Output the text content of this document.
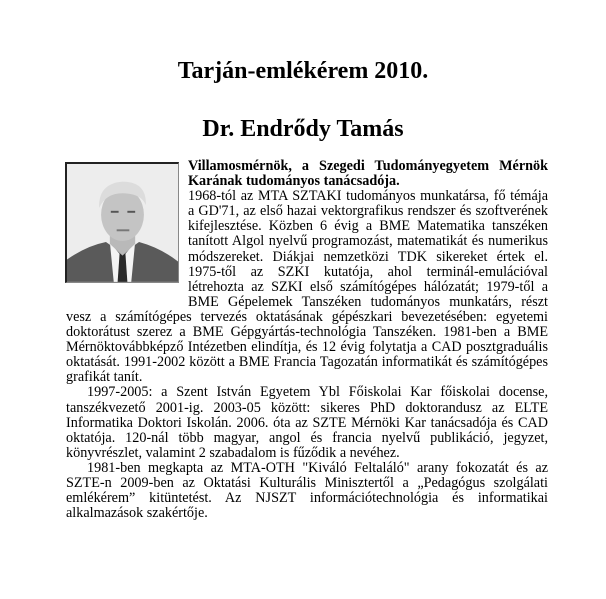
Tarján-emlékérem 2010.
Dr. Endrődy Tamás

Villamosmérnök, a Szegedi Tudományegyetem Mérnök Karának tudományos tanácsadója.

1968-tól az MTA SZTAKI tudományos munkatársa, fő témája a GD'71, az első hazai vektorgrafikus rendszer és szoftverének kifejlesztése. Közben 6 évig a BME Matematika tanszéken tanított Algol nyelvű programozást, matematikát és numerikus módszereket. Diákjai nemzetközi TDK sikereket értek el. 1975-től az SZKI kutatója, ahol terminál-emulációval létrehozta az SZKI első számítógépes hálózatát; 1979-től a BME Gépelemek Tanszéken tudományos munkatárs, részt vesz a számítógépes tervezés oktatásának gépészkari bevezetésében: egyetemi doktorátust szerez a BME Gépgyártás-technológia Tanszéken. 1981-ben a BME Mérnöktovábbképző Intézetben elindítja, és 12 évig folytatja a CAD posztgraduális oktatását. 1991-2002 között a BME Francia Tagozatán informatikát és számítógépes grafikát tanít.

1997-2005: a Szent István Egyetem Ybl Főiskolai Kar főiskolai docense, tanszékvezető 2001-ig. 2003-05 között: sikeres PhD doktorandusz az ELTE Informatika Doktori Iskolán. 2006. óta az SZTE Mérnöki Kar tanácsadója és CAD oktatója. 120-nál több magyar, angol és francia nyelvű publikáció, jegyzet, könyvrészlet, valamint 2 szabadalom is fűződik a nevéhez.

1981-ben megkapta az MTA-OTH "Kiváló Feltaláló" arany fokozatát és az SZTE-n 2009-ben az Oktatási Kulturális Minisztertől a „Pedagógus szolgálati emlékérem” kitüntetést. Az NJSZT információtechnológia és informatikai alkalmazások szakértője.
